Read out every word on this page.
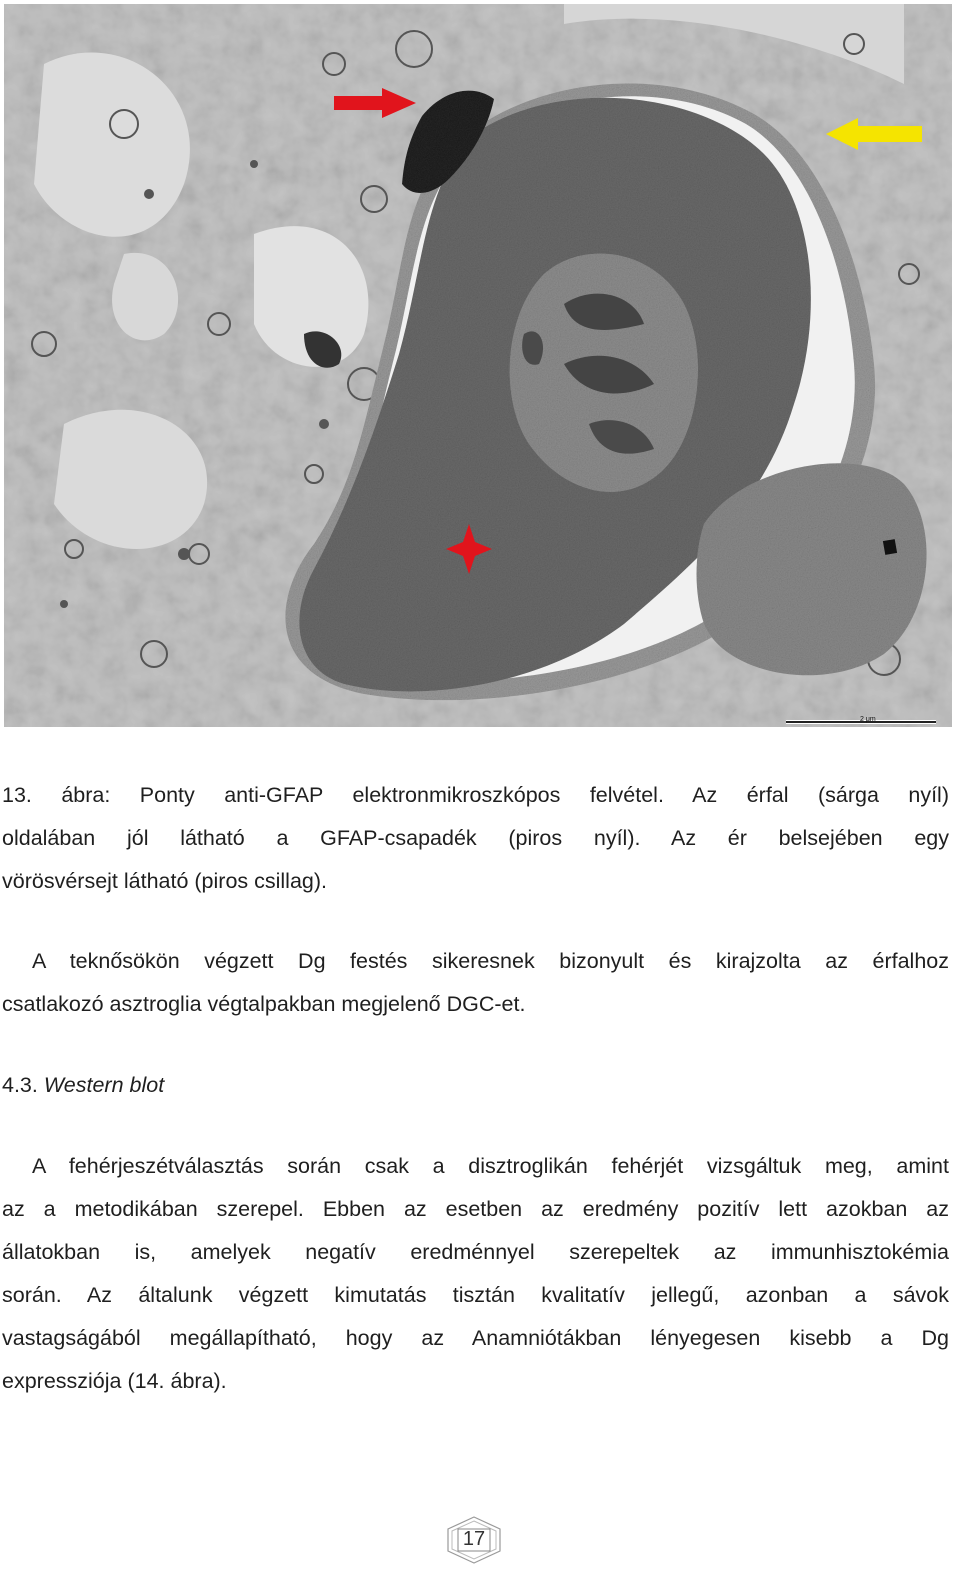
2 μm
13. ábra: Ponty anti-GFAP elektronmikroszkópos felvétel. Az érfal (sárga nyíl)
oldalában jól látható a GFAP-csapadék (piros nyíl). Az ér belsejében egy
vörösvérsejt látható (piros csillag).
A teknősökön végzett Dg festés sikeresnek bizonyult és kirajzolta az érfalhoz
csatlakozó asztroglia végtalpakban megjelenő DGC-et.
4.3. Western blot
A fehérjeszétválasztás során csak a disztroglikán fehérjét vizsgáltuk meg, amint
az a metodikában szerepel. Ebben az esetben az eredmény pozitív lett azokban az
állatokban is, amelyek negatív eredménnyel szerepeltek az immunhisztokémia
során. Az általunk végzett kimutatás tisztán kvalitatív jellegű, azonban a sávok
vastagságából megállapítható, hogy az Anamniótákban lényegesen kisebb a Dg
expressziója (14. ábra).
17
